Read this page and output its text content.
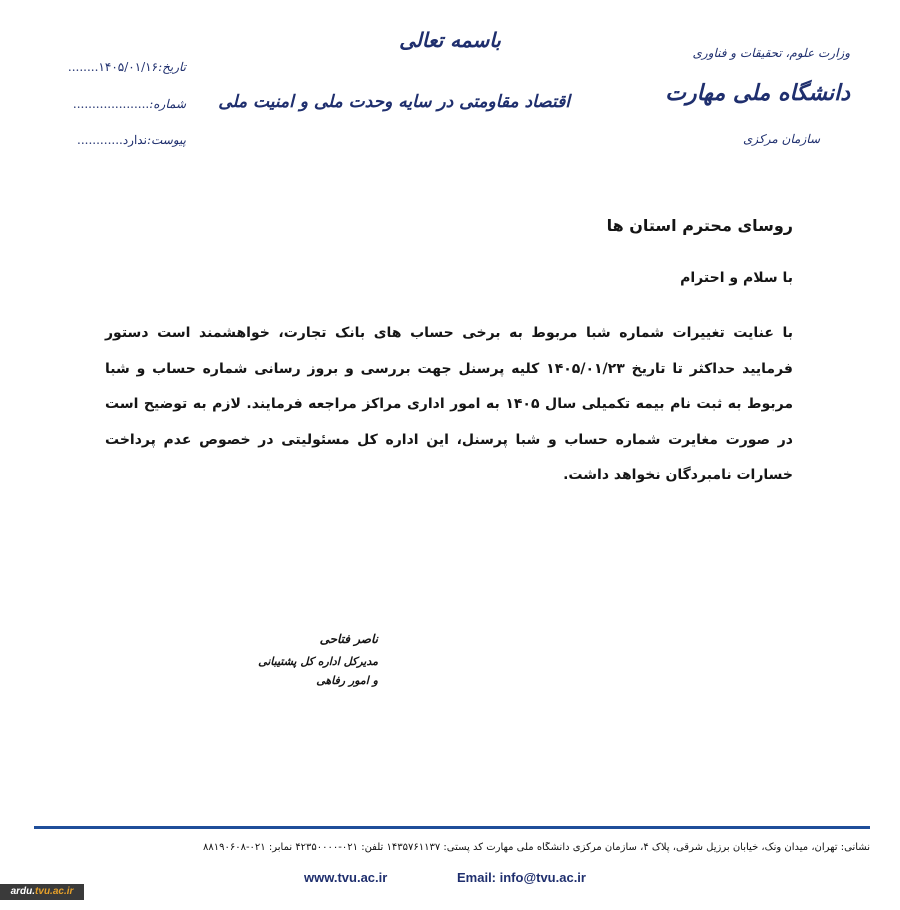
تاریخ:۱۴۰۵/۰۱/۱۶........
شماره:....................
پیوست:ندارد............
باسمه تعالی
اقتصاد مقاومتی در سایه وحدت ملی و امنیت ملی
وزارت علوم، تحقیقات و فناوری
دانشگاه ملی مهارت
سازمان مرکزی
روسای محترم استان ها
با سلام و احترام

با عنایت تغییرات شماره شبا مربوط به برخی حساب های بانک تجارت، خواهشمند است دستور فرمایید حداکثر تا تاریخ ۱۴۰۵/۰۱/۲۳ کلیه پرسنل جهت بررسی و بروز رسانی شماره حساب و شبا مربوط به ثبت نام بیمه تکمیلی سال ۱۴۰۵ به امور اداری مراکز مراجعه فرمایند. لازم به توضیح است در صورت مغایرت شماره حساب و شبا پرسنل، این اداره کل مسئولیتی در خصوص عدم پرداخت خسارات نامبردگان نخواهد داشت.

ناصر فتاحی
مدیرکل اداره کل پشتیبانی
و امور رفاهی
نشانی: تهران، میدان ونک، خیابان برزیل شرقی، پلاک ۴، سازمان مرکزی دانشگاه ملی مهارت کد پستی: ۱۴۳۵۷۶۱۱۳۷ تلفن: ۰۲۱-۴۲۳۵۰۰۰۰ نمابر: ۰۲۱-۸۸۱۹۰۶۰۸
www.tvu.ac.ir	Email: info@tvu.ac.ir
ardu.tvu.ac.ir
